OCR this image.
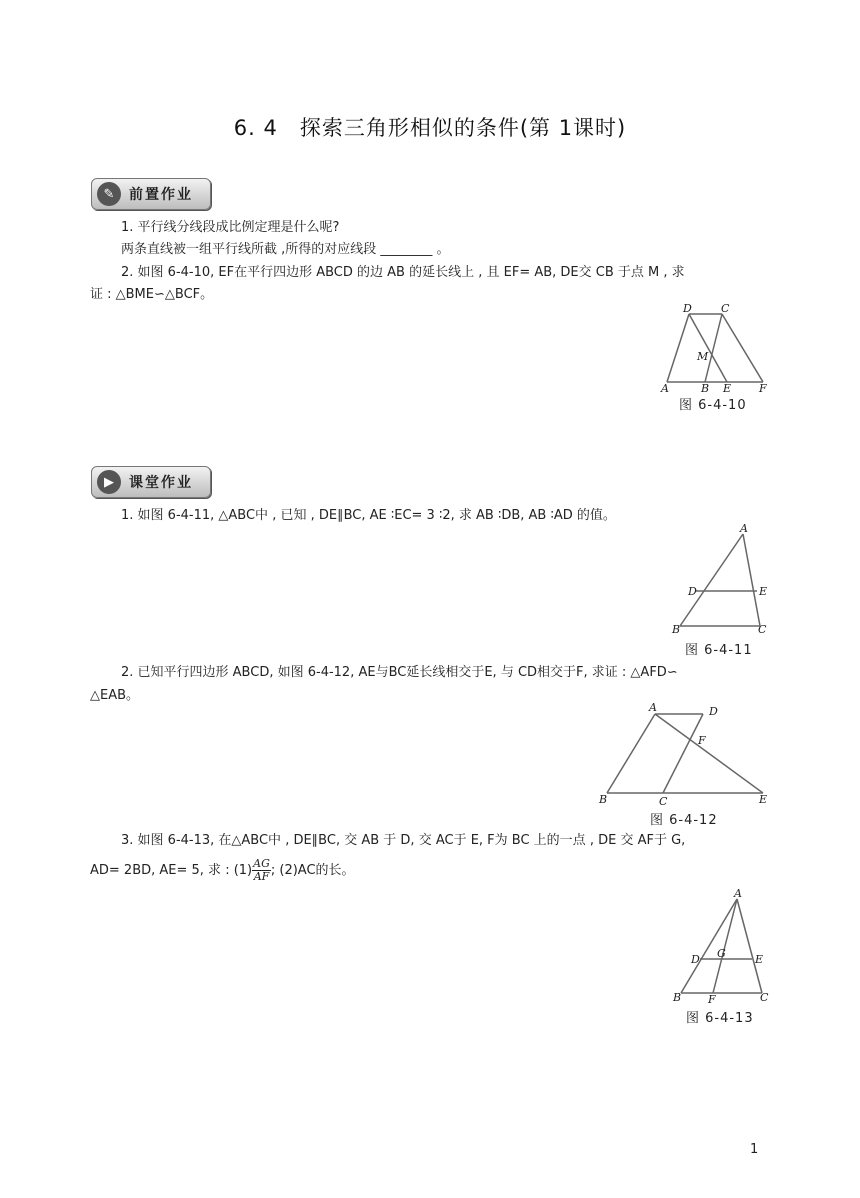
6. 4　探索三角形相似的条件(第 1课时)
✎	前置作业
1. 平行线分线段成比例定理是什么呢?
两条直线被一组平行线所截 ,所得的对应线段 ________ 。
2. 如图 6-4-10, EF在平行四边形 ABCD 的边 AB 的延长线上 , 且 EF= AB, DE交 CB 于点 M , 求
证 : △BME∽△BCF。
D	C
M
A	B E	F
图 6-4-10
▶	课堂作业
1. 如图 6-4-11, △ABC中 , 已知 , DE∥BC, AE ∶EC= 3 ∶2, 求 AB ∶DB, AB ∶AD 的值。
A
D	E
B	C
图 6-4-11
2. 已知平行四边形 ABCD, 如图 6-4-12, AE与BC延长线相交于E, 与 CD相交于F, 求证 : △AFD∽
△EAB。
A	D
F
B	C	E
图 6-4-12
3. 如图 6-4-13, 在△ABC中 , DE∥BC, 交 AB 于 D, 交 AC于 E, F为 BC 上的一点 , DE 交 AF于 G,
AD= 2BD, AE= 5, 求 : $(1) \frac{AG}{AF}$ ; (2)AC的长。
A
D G	E
B F	C
图 6-4-13
1
